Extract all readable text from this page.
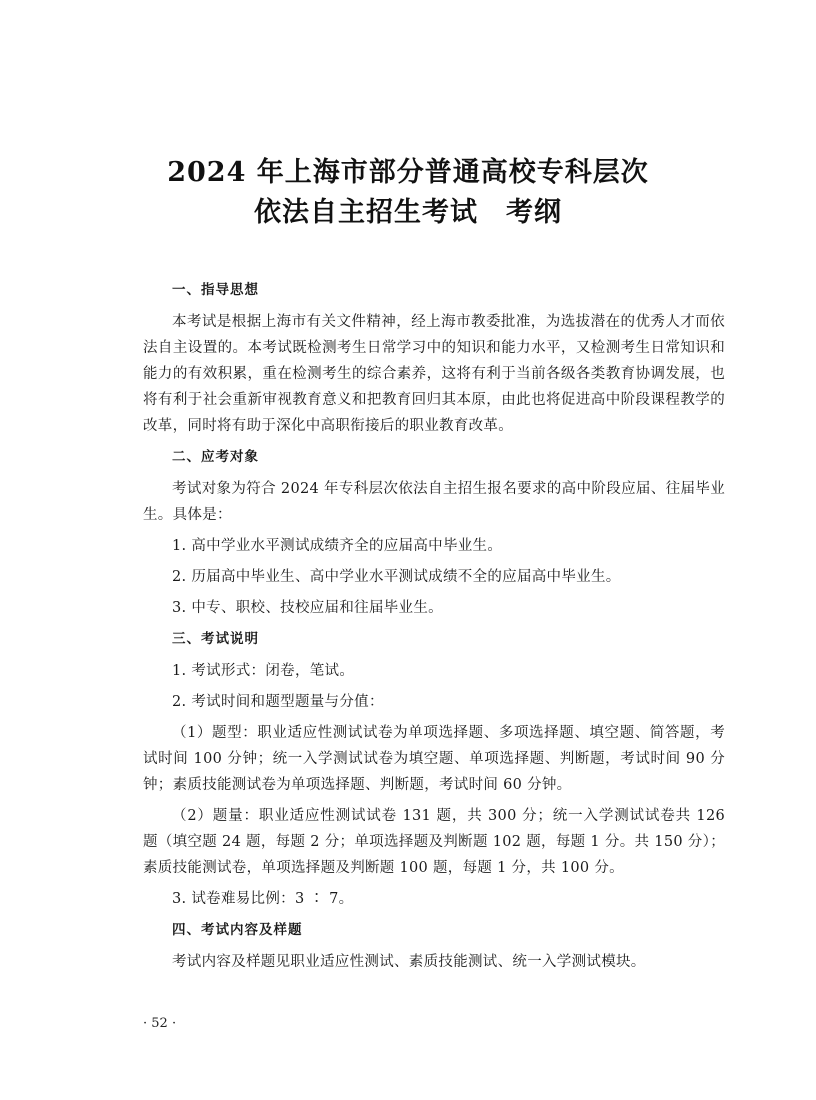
2024 年上海市部分普通高校专科层次
依法自主招生考试　考纲
一、指导思想

本考试是根据上海市有关文件精神，经上海市教委批准，为选拔潜在的优秀人才而依法自主设置的。本考试既检测考生日常学习中的知识和能力水平，又检测考生日常知识和能力的有效积累，重在检测考生的综合素养，这将有利于当前各级各类教育协调发展，也将有利于社会重新审视教育意义和把教育回归其本原，由此也将促进高中阶段课程教学的改革，同时将有助于深化中高职衔接后的职业教育改革。

二、应考对象

考试对象为符合 2024 年专科层次依法自主招生报名要求的高中阶段应届、往届毕业生。具体是：

1. 高中学业水平测试成绩齐全的应届高中毕业生。

2. 历届高中毕业生、高中学业水平测试成绩不全的应届高中毕业生。

3. 中专、职校、技校应届和往届毕业生。

三、考试说明

1. 考试形式：闭卷，笔试。

2. 考试时间和题型题量与分值：

（1）题型：职业适应性测试试卷为单项选择题、多项选择题、填空题、简答题，考试时间 100 分钟；统一入学测试试卷为填空题、单项选择题、判断题，考试时间 90 分钟；素质技能测试卷为单项选择题、判断题，考试时间 60 分钟。

（2）题量：职业适应性测试试卷 131 题，共 300 分；统一入学测试试卷共 126 题（填空题 24 题，每题 2 分；单项选择题及判断题 102 题，每题 1 分。共 150 分）；素质技能测试卷，单项选择题及判断题 100 题，每题 1 分，共 100 分。

3. 试卷难易比例：3 ∶ 7。

四、考试内容及样题

考试内容及样题见职业适应性测试、素质技能测试、统一入学测试模块。

· 52 ·
